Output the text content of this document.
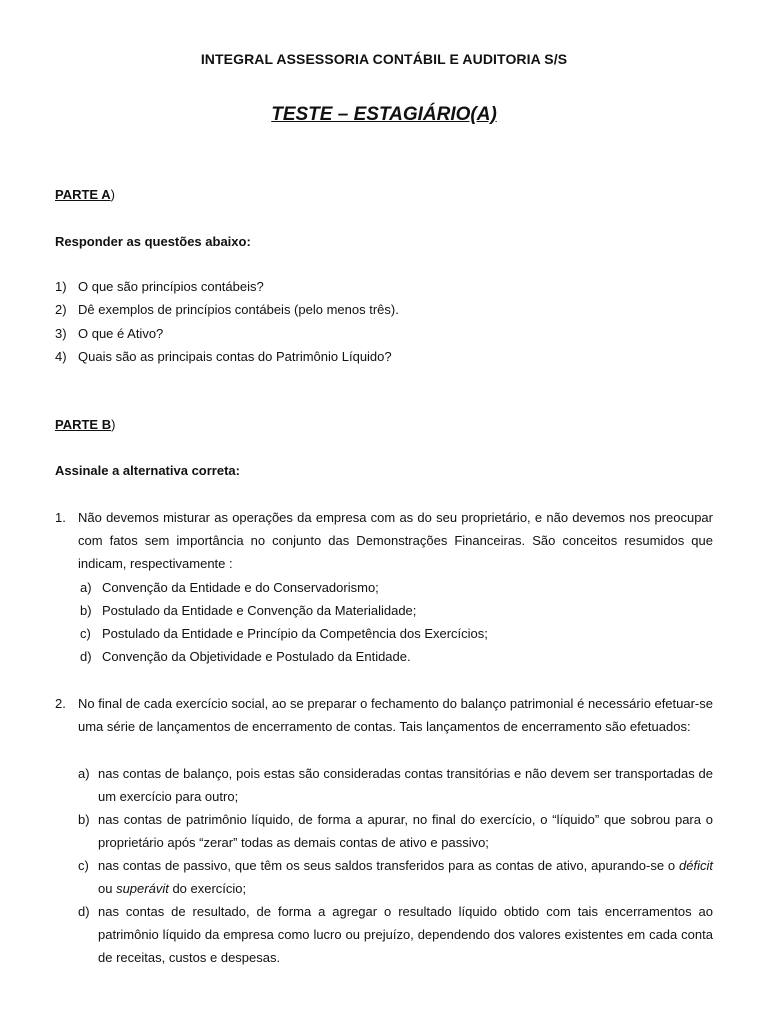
INTEGRAL ASSESSORIA CONTÁBIL E AUDITORIA S/S
TESTE – ESTAGIÁRIO(A)
PARTE A)
Responder as questões abaixo:
1) O que são princípios contábeis?
2) Dê exemplos de princípios contábeis (pelo menos três).
3) O que é Ativo?
4) Quais são as principais contas do Patrimônio Líquido?
PARTE B)
Assinale a alternativa correta:
1. Não devemos misturar as operações da empresa com as do seu proprietário, e não devemos nos preocupar com fatos sem importância no conjunto das Demonstrações Financeiras. São conceitos resumidos que indicam, respectivamente :
a) Convenção da Entidade e do Conservadorismo;
b) Postulado da Entidade e Convenção da Materialidade;
c) Postulado da Entidade e Princípio da Competência dos Exercícios;
d) Convenção da Objetividade e Postulado da Entidade.
2. No final de cada exercício social, ao se preparar o fechamento do balanço patrimonial é necessário efetuar-se uma série de lançamentos de encerramento de contas. Tais lançamentos de encerramento são efetuados:
a) nas contas de balanço, pois estas são consideradas contas transitórias e não devem ser transportadas de um exercício para outro;
b) nas contas de patrimônio líquido, de forma a apurar, no final do exercício, o “líquido” que sobrou para o proprietário após “zerar” todas as demais contas de ativo e passivo;
c) nas contas de passivo, que têm os seus saldos transferidos para as contas de ativo, apurando-se o déficit ou superávit do exercício;
d) nas contas de resultado, de forma a agregar o resultado líquido obtido com tais encerramentos ao patrimônio líquido da empresa como lucro ou prejuízo, dependendo dos valores existentes em cada conta de receitas, custos e despesas.
